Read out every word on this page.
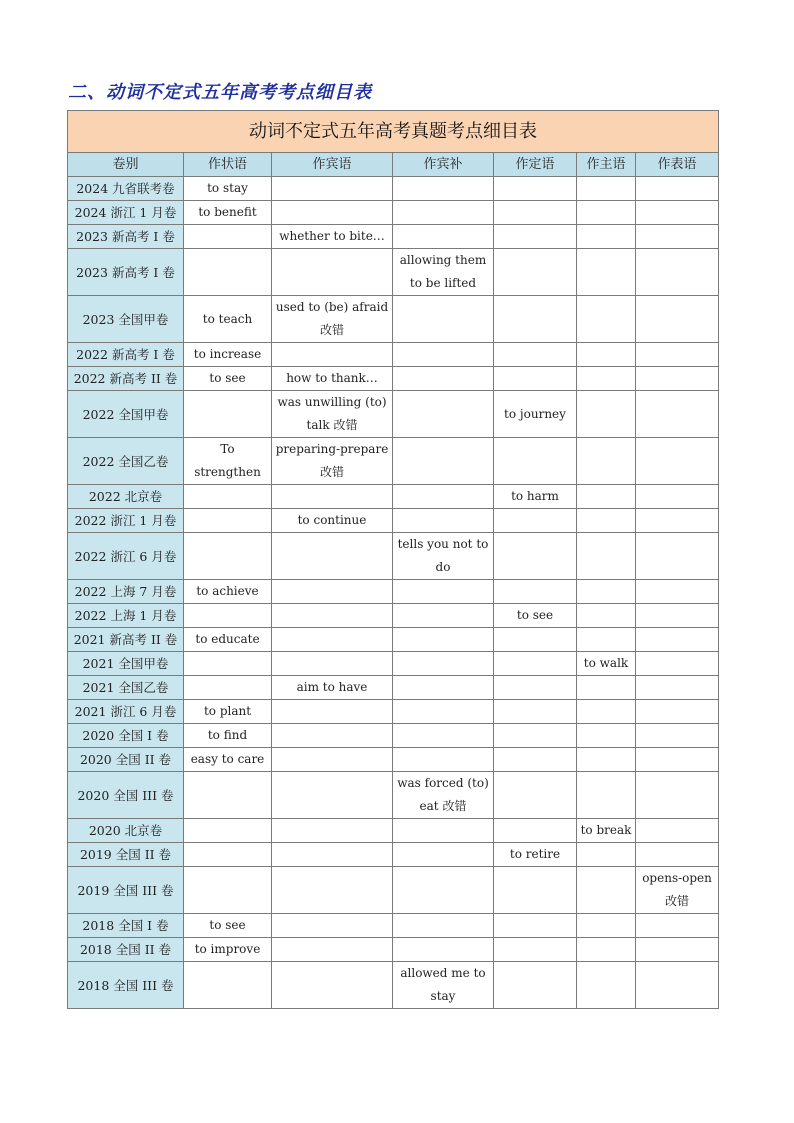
二、动词不定式五年高考考点细目表
动词不定式五年高考真题考点细目表						
卷别	作状语	作宾语	作宾补	作定语	作主语	作表语
2024 九省联考卷	to stay					
2024 浙江 1 月卷	to benefit					
2023 新高考 I 卷		whether to bite…				
2023 新高考 I 卷			allowing them
to be lifted			
2023 全国甲卷	to teach	used to (be) afraid
改错				
2022 新高考 I 卷	to increase					
2022 新高考 II 卷	to see	how to thank…				
2022 全国甲卷		was unwilling (to)
talk 改错		to journey		
2022 全国乙卷	To
strengthen	preparing-prepare
改错				
2022 北京卷				to harm		
2022 浙江 1 月卷		to continue				
2022 浙江 6 月卷			tells you not to
do			
2022 上海 7 月卷	to achieve					
2022 上海 1 月卷				to see		
2021 新高考 II 卷	to educate					
2021 全国甲卷					to walk	
2021 全国乙卷		aim to have				
2021 浙江 6 月卷	to plant					
2020 全国 I 卷	to find					
2020 全国 II 卷	easy to care					
2020 全国 III 卷			was forced (to)
eat 改错			
2020 北京卷					to break	
2019 全国 II 卷				to retire		
2019 全国 III 卷						opens-open
改错
2018 全国 I 卷	to see					
2018 全国 II 卷	to improve					
2018 全国 III 卷			allowed me to
stay			
